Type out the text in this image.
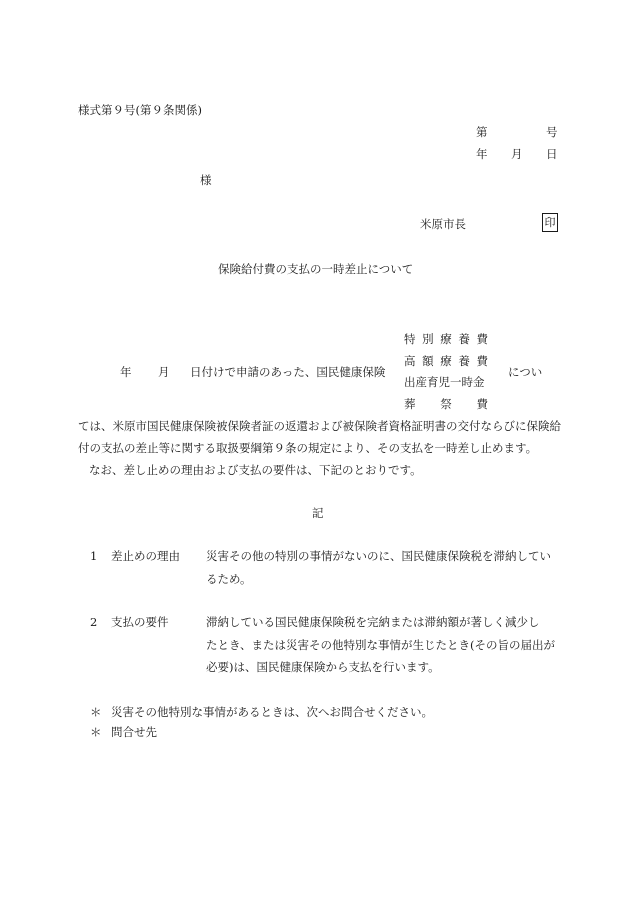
様式第９号(第９条関係)
第	号
年 月 日
様
米原市長	印
保険給付費の支払の一時差止について
特 別 療 養 費
高 額 療 養 費
出産育児一時金
葬 祭 費
年 月 日付けで申請のあった、国民健康保険	につい
ては、米原市国民健康保険被保険者証の返還および被保険者資格証明書の交付ならびに保険給
付の支払の差止等に関する取扱要綱第９条の規定により、その支払を一時差し止めます。
なお、差し止めの理由および支払の要件は、下記のとおりです。
記
1 差止めの理由 災害その他の特別の事情がないのに、国民健康保険税を滞納してい
るため。
2 支払の要件	滞納している国民健康保険税を完納または滞納額が著しく減少し
たとき、または災害その他特別な事情が生じたとき(その旨の届出が
必要)は、国民健康保険から支払を行います。
＊ 災害その他特別な事情があるときは、次へお問合せください。
＊ 問合せ先
